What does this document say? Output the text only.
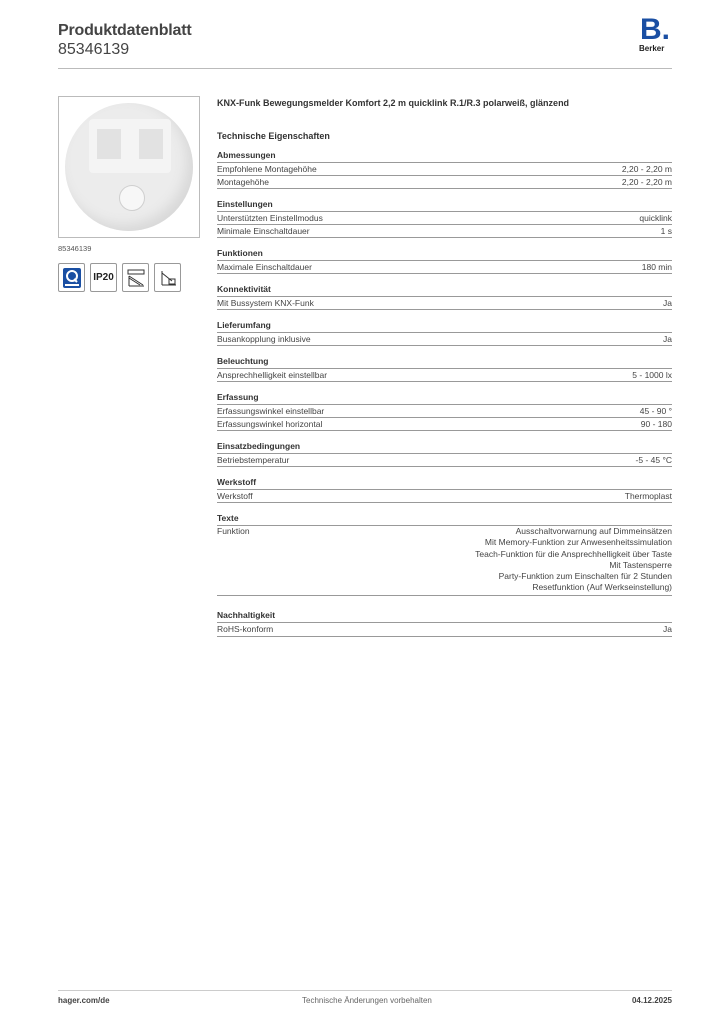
Produktdatenblatt
85346139
B.
Berker
85346139
IP20
KNX-Funk Bewegungsmelder Komfort 2,2 m quicklink R.1/R.3 polarweiß, glänzend
Technische Eigenschaften
Abmessungen
Empfohlene Montagehöhe	2,20 - 2,20 m
Montagehöhe	2,20 - 2,20 m
Einstellungen
Unterstützten Einstellmodus	quicklink
Minimale Einschaltdauer	1 s
Funktionen
Maximale Einschaltdauer	180 min
Konnektivität
Mit Bussystem KNX-Funk	Ja
Lieferumfang
Busankopplung inklusive	Ja
Beleuchtung
Ansprechhelligkeit einstellbar	5 - 1000 lx
Erfassung
Erfassungswinkel einstellbar	45 - 90 °
Erfassungswinkel horizontal	90 - 180
Einsatzbedingungen
Betriebstemperatur	-5 - 45 °C
Werkstoff
Werkstoff	Thermoplast
Texte
Funktion	Ausschaltvorwarnung auf Dimmeinsätzen
Mit Memory-Funktion zur Anwesenheitssimulation
Teach-Funktion für die Ansprechhelligkeit über Taste
Mit Tastensperre
Party-Funktion zum Einschalten für 2 Stunden
Resetfunktion (Auf Werkseinstellung)
Nachhaltigkeit
RoHS-konform	Ja
hager.com/de	Technische Änderungen vorbehalten	04.12.2025
